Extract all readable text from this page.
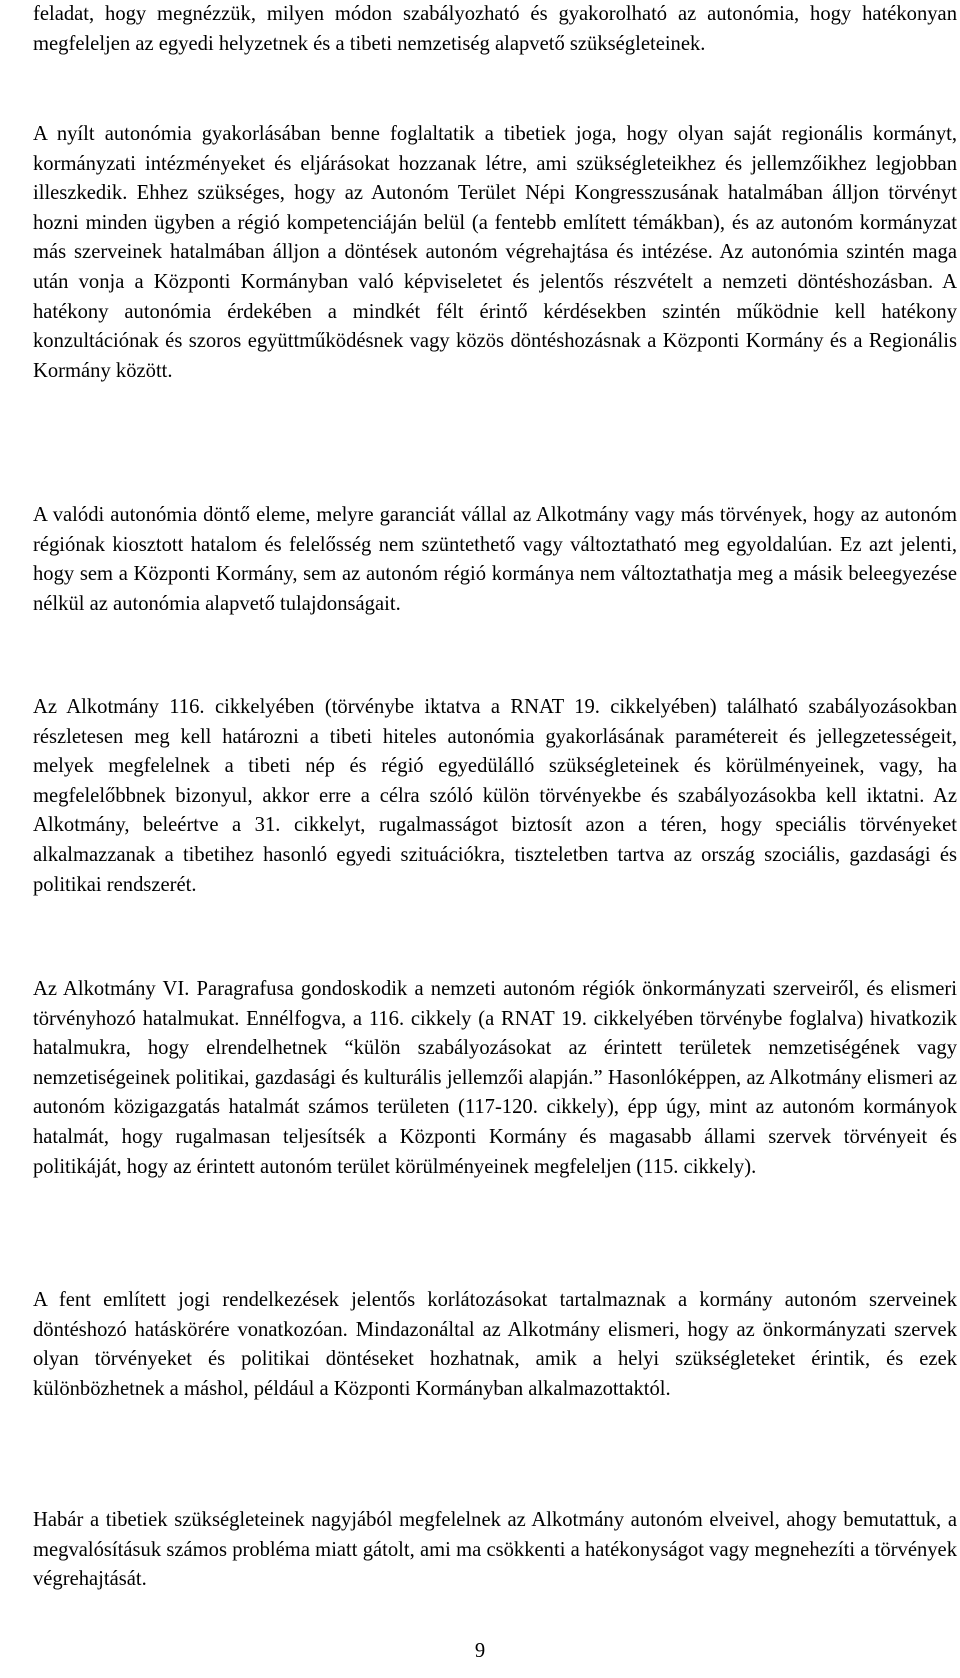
feladat, hogy megnézzük, milyen módon szabályozható és gyakorolható az autonómia, hogy hatékonyan megfeleljen az egyedi helyzetnek és a tibeti nemzetiség alapvető szükségleteinek.

A nyílt autonómia gyakorlásában benne foglaltatik a tibetiek joga, hogy olyan saját regionális kormányt, kormányzati intézményeket és eljárásokat hozzanak létre, ami szükségleteikhez és jellemzőikhez legjobban illeszkedik. Ehhez szükséges, hogy az Autonóm Terület Népi Kongresszusának hatalmában álljon törvényt hozni minden ügyben a régió kompetenciáján belül (a fentebb említett témákban), és az autonóm kormányzat más szerveinek hatalmában álljon a döntések autonóm végrehajtása és intézése. Az autonómia szintén maga után vonja a Központi Kormányban való képviseletet és jelentős részvételt a nemzeti döntéshozásban. A hatékony autonómia érdekében a mindkét félt érintő kérdésekben szintén működnie kell hatékony konzultációnak és szoros együttműködésnek vagy közös döntéshozásnak a Központi Kormány és a Regionális Kormány között.

A valódi autonómia döntő eleme, melyre garanciát vállal az Alkotmány vagy más törvények, hogy az autonóm régiónak kiosztott hatalom és felelősség nem szüntethető vagy változtatható meg egyoldalúan. Ez azt jelenti, hogy sem a Központi Kormány, sem az autonóm régió kormánya nem változtathatja meg a másik beleegyezése nélkül az autonómia alapvető tulajdonságait.

Az Alkotmány 116. cikkelyében (törvénybe iktatva a RNAT 19. cikkelyében) található szabályozásokban részletesen meg kell határozni a tibeti hiteles autonómia gyakorlásának paramétereit és jellegzetességeit, melyek megfelelnek a tibeti nép és régió egyedülálló szükségleteinek és körülményeinek, vagy, ha megfelelőbbnek bizonyul, akkor erre a célra szóló külön törvényekbe és szabályozásokba kell iktatni. Az Alkotmány, beleértve a 31. cikkelyt, rugalmasságot biztosít azon a téren, hogy speciális törvényeket alkalmazzanak a tibetihez hasonló egyedi szituációkra, tiszteletben tartva az ország szociális, gazdasági és politikai rendszerét.

Az Alkotmány VI. Paragrafusa gondoskodik a nemzeti autonóm régiók önkormányzati szerveiről, és elismeri törvényhozó hatalmukat. Ennélfogva, a 116. cikkely (a RNAT 19. cikkelyében törvénybe foglalva) hivatkozik hatalmukra, hogy elrendelhetnek “külön szabályozásokat az érintett területek nemzetiségének vagy nemzetiségeinek politikai, gazdasági és kulturális jellemzői alapján.” Hasonlóképpen, az Alkotmány elismeri az autonóm közigazgatás hatalmát számos területen (117-120. cikkely), épp úgy, mint az autonóm kormányok hatalmát, hogy rugalmasan teljesítsék a Központi Kormány és magasabb állami szervek törvényeit és politikáját, hogy az érintett autonóm terület körülményeinek megfeleljen (115. cikkely).

A fent említett jogi rendelkezések jelentős korlátozásokat tartalmaznak a kormány autonóm szerveinek döntéshozó hatáskörére vonatkozóan. Mindazonáltal az Alkotmány elismeri, hogy az önkormányzati szervek olyan törvényeket és politikai döntéseket hozhatnak, amik a helyi szükségleteket érintik, és ezek különbözhetnek a máshol, például a Központi Kormányban alkalmazottaktól.

Habár a tibetiek szükségleteinek nagyjából megfelelnek az Alkotmány autonóm elveivel, ahogy bemutattuk, a megvalósításuk számos probléma miatt gátolt, ami ma csökkenti a hatékonyságot vagy megnehezíti a törvények végrehajtását.

9
